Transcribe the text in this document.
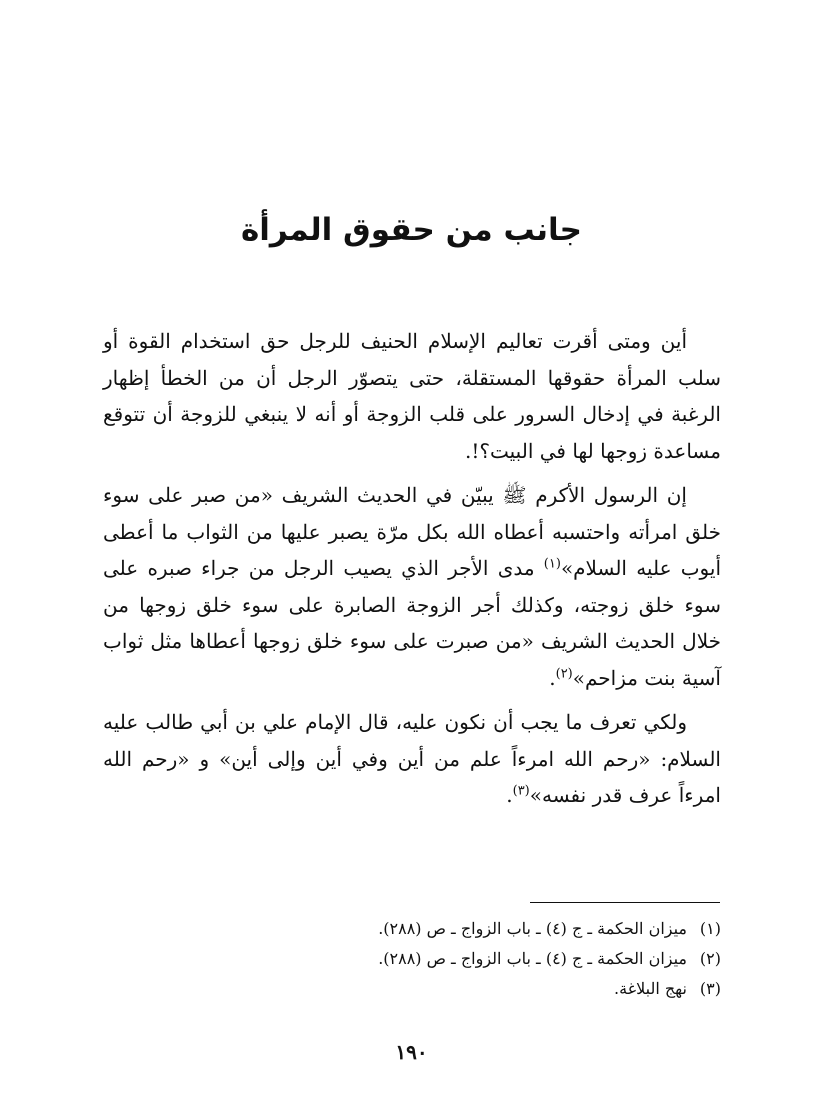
جانب من حقوق المرأة

أين ومتى أقرت تعاليم الإسلام الحنيف للرجل حق استخدام القوة أو سلب المرأة حقوقها المستقلة، حتى يتصوّر الرجل أن من الخطأ إظهار الرغبة في إدخال السرور على قلب الزوجة أو أنه لا ينبغي للزوجة أن تتوقع مساعدة زوجها لها في البيت؟!.

إن الرسول الأكرم ﷺ يبيّن في الحديث الشريف «من صبر على سوء خلق امرأته واحتسبه أعطاه الله بكل مرّة يصبر عليها من الثواب ما أعطى أيوب عليه السلام»$^{(١)}$ مدى الأجر الذي يصيب الرجل من جراء صبره على سوء خلق زوجته، وكذلك أجر الزوجة الصابرة على سوء خلق زوجها من خلال الحديث الشريف «من صبرت على سوء خلق زوجها أعطاها مثل ثواب آسية بنت مزاحم»$^{(٢)}$.

ولكي تعرف ما يجب أن نكون عليه، قال الإمام علي بن أبي طالب عليه السلام: «رحم الله امرءاً علم من أين وفي أين وإلى أين» و «رحم الله امرءاً عرف قدر نفسه»$^{(٣)}$.

(١)ميزان الحكمة ـ ج (٤) ـ باب الزواج ـ ص (٢٨٨).
(٢)ميزان الحكمة ـ ج (٤) ـ باب الزواج ـ ص (٢٨٨).
(٣)نهج البلاغة.
١٩٠
